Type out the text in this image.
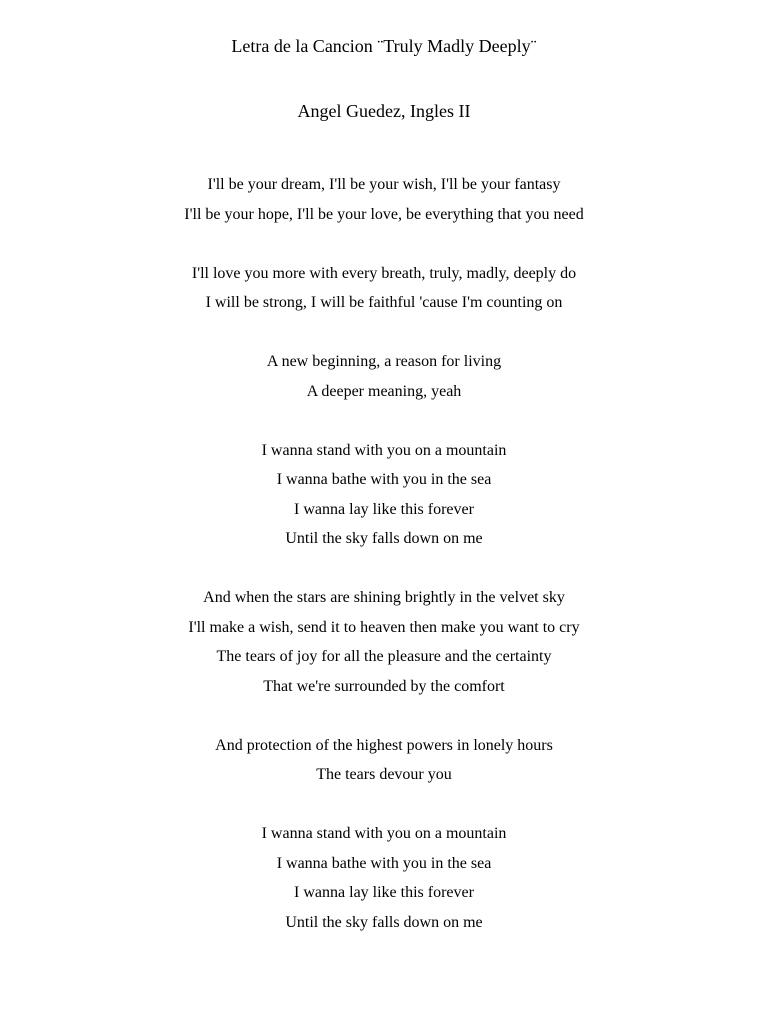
Letra de la Cancion ¨Truly Madly Deeply¨
Angel Guedez, Ingles II
I'll be your dream, I'll be your wish, I'll be your fantasy
I'll be your hope, I'll be your love, be everything that you need
I'll love you more with every breath, truly, madly, deeply do
I will be strong, I will be faithful 'cause I'm counting on
A new beginning, a reason for living
A deeper meaning, yeah
I wanna stand with you on a mountain
I wanna bathe with you in the sea
I wanna lay like this forever
Until the sky falls down on me
And when the stars are shining brightly in the velvet sky
I'll make a wish, send it to heaven then make you want to cry
The tears of joy for all the pleasure and the certainty
That we're surrounded by the comfort
And protection of the highest powers in lonely hours
The tears devour you
I wanna stand with you on a mountain
I wanna bathe with you in the sea
I wanna lay like this forever
Until the sky falls down on me
